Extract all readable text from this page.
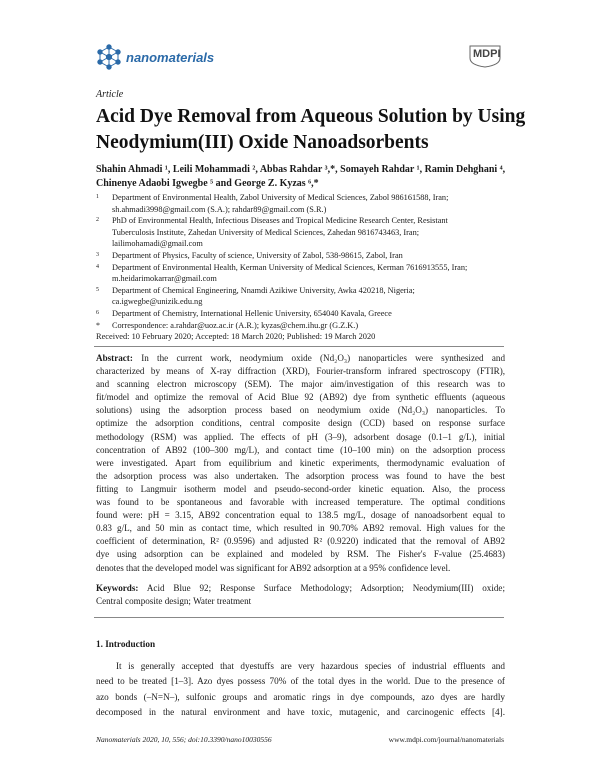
nanomaterials	MDPI
Article
Acid Dye Removal from Aqueous Solution by Using
Neodymium(III) Oxide Nanoadsorbents
Shahin Ahmadi ¹, Leili Mohammadi ², Abbas Rahdar ³,*, Somayeh Rahdar ¹, Ramin Dehghani ⁴,
Chinenye Adaobi Igwegbe ⁵ and George Z. Kyzas ⁶,*
1	Department of Environmental Health, Zabol University of Medical Sciences, Zabol 986161588, Iran;
sh.ahmadi3998@gmail.com (S.A.); rahdar89@gmail.com (S.R.)
2	PhD of Environmental Health, Infectious Diseases and Tropical Medicine Research Center, Resistant
Tuberculosis Institute, Zahedan University of Medical Sciences, Zahedan 9816743463, Iran;
lailimohamadi@gmail.com
3	Department of Physics, Faculty of science, University of Zabol, 538-98615, Zabol, Iran
4	Department of Environmental Health, Kerman University of Medical Sciences, Kerman 7616913555, Iran;
m.heidarimokarrar@gmail.com
5	Department of Chemical Engineering, Nnamdi Azikiwe University, Awka 420218, Nigeria;
ca.igwegbe@unizik.edu.ng
6	Department of Chemistry, International Hellenic University, 654040 Kavala, Greece
*	Correspondence: a.rahdar@uoz.ac.ir (A.R.); kyzas@chem.ihu.gr (G.Z.K.)
Received: 10 February 2020; Accepted: 18 March 2020; Published: 19 March 2020
Abstract: In the current work, neodymium oxide (Nd₂O₃) nanoparticles were synthesized and
characterized by means of X-ray diffraction (XRD), Fourier-transform infrared spectroscopy (FTIR),
and scanning electron microscopy (SEM). The major aim/investigation of this research was to
fit/model and optimize the removal of Acid Blue 92 (AB92) dye from synthetic effluents (aqueous
solutions) using the adsorption process based on neodymium oxide (Nd₂O₃) nanoparticles. To
optimize the adsorption conditions, central composite design (CCD) based on response surface
methodology (RSM) was applied. The effects of pH (3–9), adsorbent dosage (0.1–1 g/L), initial
concentration of AB92 (100–300 mg/L), and contact time (10–100 min) on the adsorption process
were investigated. Apart from equilibrium and kinetic experiments, thermodynamic evaluation of
the adsorption process was also undertaken. The adsorption process was found to have the best
fitting to Langmuir isotherm model and pseudo-second-order kinetic equation. Also, the process
was found to be spontaneous and favorable with increased temperature. The optimal conditions
found were: pH = 3.15, AB92 concentration equal to 138.5 mg/L, dosage of nanoadsorbent equal to
0.83 g/L, and 50 min as contact time, which resulted in 90.70% AB92 removal. High values for the
coefficient of determination, R² (0.9596) and adjusted R² (0.9220) indicated that the removal of AB92
dye using adsorption can be explained and modeled by RSM. The Fisher's F-value (25.4683)
denotes that the developed model was significant for AB92 adsorption at a 95% confidence level.
Keywords: Acid Blue 92; Response Surface Methodology; Adsorption; Neodymium(III) oxide;
Central composite design; Water treatment
1. Introduction
It is generally accepted that dyestuffs are very hazardous species of industrial effluents and
need to be treated [1–3]. Azo dyes possess 70% of the total dyes in the world. Due to the presence of
azo bonds (–N=N–), sulfonic groups and aromatic rings in dye compounds, azo dyes are hardly
decomposed in the natural environment and have toxic, mutagenic, and carcinogenic effects [4].
Nanomaterials 2020, 10, 556; doi:10.3390/nano10030556	www.mdpi.com/journal/nanomaterials
